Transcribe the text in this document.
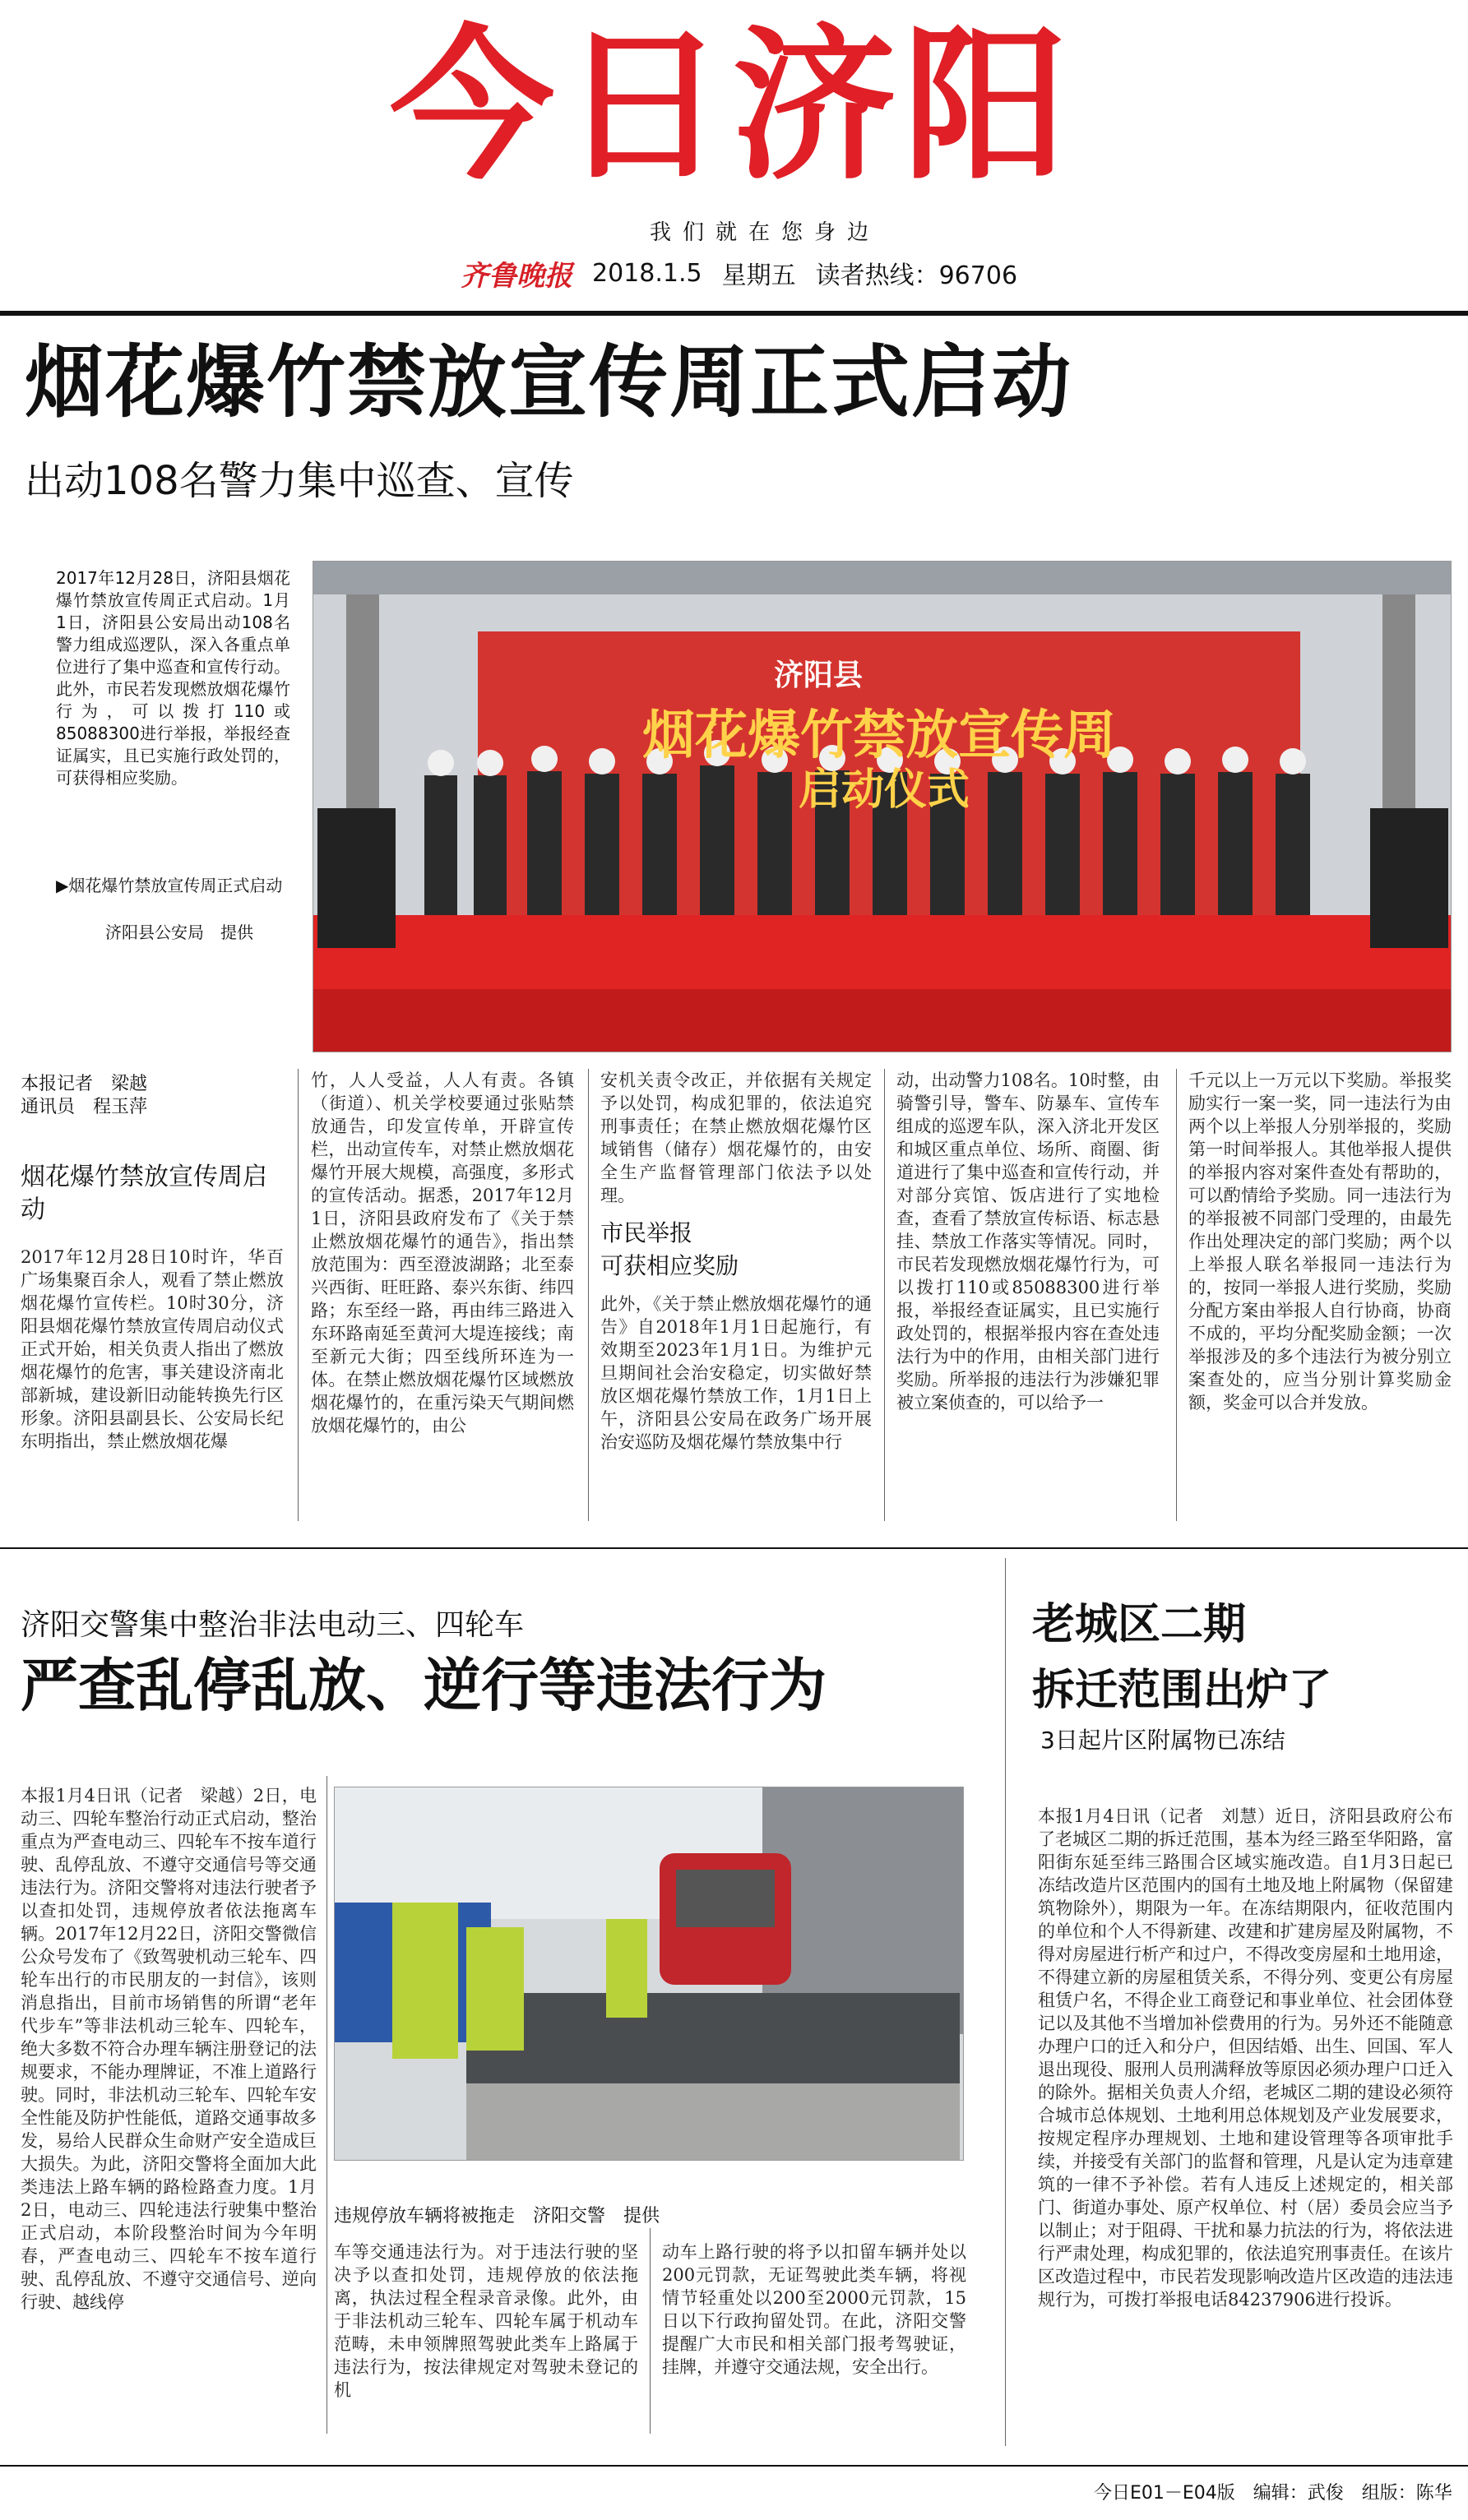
今日济阳
我们就在您身边
齐鲁晚报 2018.1.5 星期五 读者热线：96706
烟花爆竹禁放宣传周正式启动
出动108名警力集中巡查、宣传
2017年12月28日，济阳县烟花爆竹禁放宣传周正式启动。1月1日，济阳县公安局出动108名警力组成巡逻队，深入各重点单位进行了集中巡查和宣传行动。此外，市民若发现燃放烟花爆竹行为，可以拨打110或85088300进行举报，举报经查证属实，且已实施行政处罚的，可获得相应奖励。
济阳县
烟花爆竹禁放宣传周
启动仪式
▶烟花爆竹禁放宣传周正式启动
济阳县公安局　提供
本报记者　梁越
通讯员　程玉萍
烟花爆竹禁放宣传周启动
2017年12月28日10时许，华百广场集聚百余人，观看了禁止燃放烟花爆竹宣传栏。10时30分，济阳县烟花爆竹禁放宣传周启动仪式正式开始，相关负责人指出了燃放烟花爆竹的危害，事关建设济南北部新城，建设新旧动能转换先行区形象。济阳县副县长、公安局长纪东明指出，禁止燃放烟花爆
竹，人人受益，人人有责。各镇（街道）、机关学校要通过张贴禁放通告，印发宣传单，开辟宣传栏，出动宣传车，对禁止燃放烟花爆竹开展大规模，高强度，多形式的宣传活动。据悉，2017年12月1日，济阳县政府发布了《关于禁止燃放烟花爆竹的通告》，指出禁放范围为：西至澄波湖路；北至泰兴西街、旺旺路、泰兴东街、纬四路；东至经一路，再由纬三路进入东环路南延至黄河大堤连接线；南至新元大街；四至线所环连为一体。在禁止燃放烟花爆竹区域燃放烟花爆竹的，在重污染天气期间燃放烟花爆竹的，由公
安机关责令改正，并依据有关规定予以处罚，构成犯罪的，依法追究刑事责任；在禁止燃放烟花爆竹区域销售（储存）烟花爆竹的，由安全生产监督管理部门依法予以处理。
市民举报
可获相应奖励
此外，《关于禁止燃放烟花爆竹的通告》自2018年1月1日起施行，有效期至2023年1月1日。为维护元旦期间社会治安稳定，切实做好禁放区烟花爆竹禁放工作，1月1日上午，济阳县公安局在政务广场开展治安巡防及烟花爆竹禁放集中行
动，出动警力108名。10时整，由骑警引导，警车、防暴车、宣传车组成的巡逻车队，深入济北开发区和城区重点单位、场所、商圈、街道进行了集中巡查和宣传行动，并对部分宾馆、饭店进行了实地检查，查看了禁放宣传标语、标志悬挂、禁放工作落实等情况。同时，市民若发现燃放烟花爆竹行为，可以拨打110或85088300进行举报，举报经查证属实，且已实施行政处罚的，根据举报内容在查处违法行为中的作用，由相关部门进行奖励。所举报的违法行为涉嫌犯罪被立案侦查的，可以给予一
千元以上一万元以下奖励。举报奖励实行一案一奖，同一违法行为由两个以上举报人分别举报的，奖励第一时间举报人。其他举报人提供的举报内容对案件查处有帮助的，可以酌情给予奖励。同一违法行为的举报被不同部门受理的，由最先作出处理决定的部门奖励；两个以上举报人联名举报同一违法行为的，按同一举报人进行奖励，奖励分配方案由举报人自行协商，协商不成的，平均分配奖励金额；一次举报涉及的多个违法行为被分别立案查处的，应当分别计算奖励金额，奖金可以合并发放。
济阳交警集中整治非法电动三、四轮车
严查乱停乱放、逆行等违法行为
本报1月4日讯（记者　梁越）2日，电动三、四轮车整治行动正式启动，整治重点为严查电动三、四轮车不按车道行驶、乱停乱放、不遵守交通信号等交通违法行为。济阳交警将对违法行驶者予以查扣处罚，违规停放者依法拖离车辆。2017年12月22日，济阳交警微信公众号发布了《致驾驶机动三轮车、四轮车出行的市民朋友的一封信》，该则消息指出，目前市场销售的所谓“老年代步车”等非法机动三轮车、四轮车，绝大多数不符合办理车辆注册登记的法规要求，不能办理牌证，不准上道路行驶。同时，非法机动三轮车、四轮车安全性能及防护性能低，道路交通事故多发，易给人民群众生命财产安全造成巨大损失。为此，济阳交警将全面加大此类违法上路车辆的路检路查力度。1月2日，电动三、四轮违法行驶集中整治正式启动，本阶段整治时间为今年明春，严查电动三、四轮车不按车道行驶、乱停乱放、不遵守交通信号、逆向行驶、越线停
违规停放车辆将被拖走　济阳交警　提供
车等交通违法行为。对于违法行驶的坚决予以查扣处罚，违规停放的依法拖离，执法过程全程录音录像。此外，由于非法机动三轮车、四轮车属于机动车范畴，未申领牌照驾驶此类车上路属于违法行为，按法律规定对驾驶未登记的机
动车上路行驶的将予以扣留车辆并处以200元罚款，无证驾驶此类车辆，将视情节轻重处以200至2000元罚款，15日以下行政拘留处罚。在此，济阳交警提醒广大市民和相关部门报考驾驶证，挂牌，并遵守交通法规，安全出行。
老城区二期
拆迁范围出炉了
3日起片区附属物已冻结
本报1月4日讯（记者　刘慧）近日，济阳县政府公布了老城区二期的拆迁范围，基本为经三路至华阳路，富阳街东延至纬三路围合区域实施改造。自1月3日起已冻结改造片区范围内的国有土地及地上附属物（保留建筑物除外），期限为一年。在冻结期限内，征收范围内的单位和个人不得新建、改建和扩建房屋及附属物，不得对房屋进行析产和过户，不得改变房屋和土地用途，不得建立新的房屋租赁关系，不得分列、变更公有房屋租赁户名，不得企业工商登记和事业单位、社会团体登记以及其他不当增加补偿费用的行为。另外还不能随意办理户口的迁入和分户，但因结婚、出生、回国、军人退出现役、服刑人员刑满释放等原因必须办理户口迁入的除外。据相关负责人介绍，老城区二期的建设必须符合城市总体规划、土地利用总体规划及产业发展要求，按规定程序办理规划、土地和建设管理等各项审批手续，并接受有关部门的监督和管理，凡是认定为违章建筑的一律不予补偿。若有人违反上述规定的，相关部门、街道办事处、原产权单位、村（居）委员会应当予以制止；对于阻碍、干扰和暴力抗法的行为，将依法进行严肃处理，构成犯罪的，依法追究刑事责任。在该片区改造过程中，市民若发现影响改造片区改造的违法违规行为，可拨打举报电话84237906进行投诉。
今日E01－E04版　编辑：武俊　组版：陈华
